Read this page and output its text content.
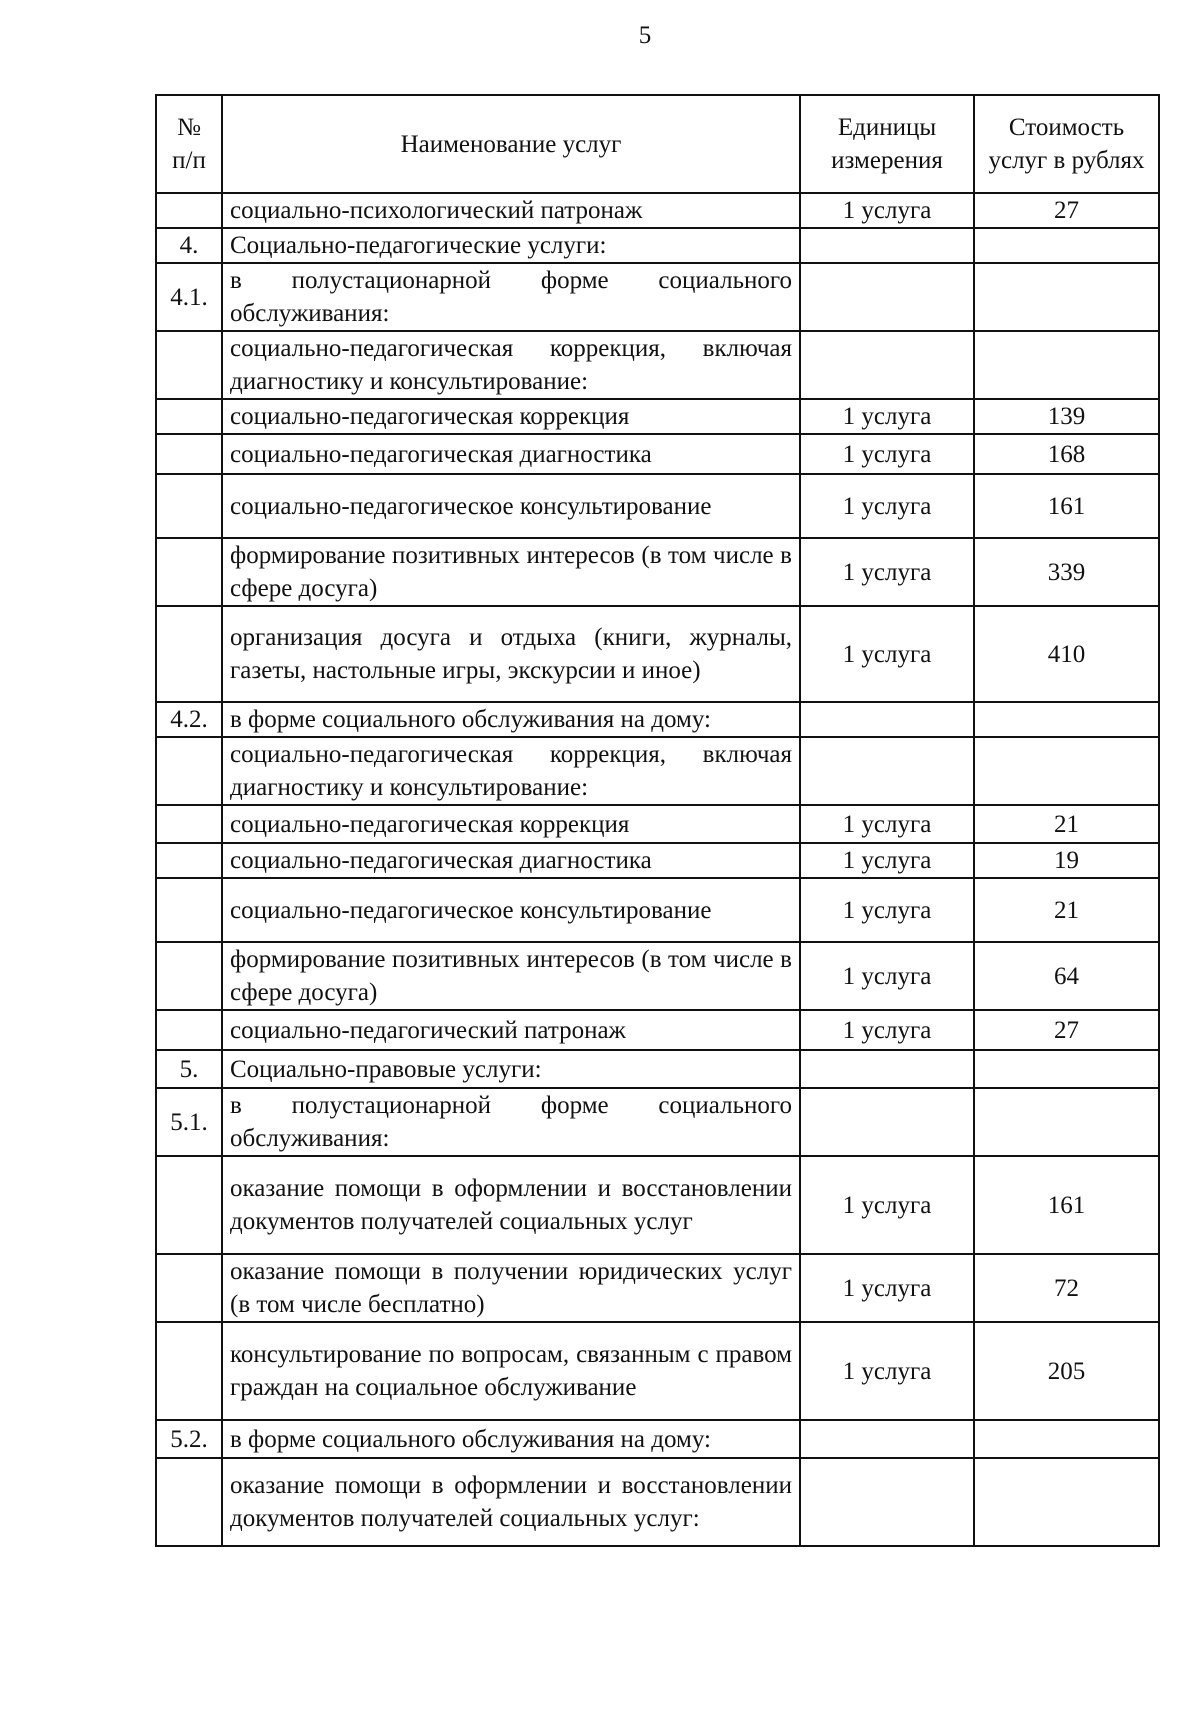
5
№ п/п	Наименование услуг	Единицы измерения	Стоимость услуг в рублях
	социально-психологический патронаж	1 услуга	27
4.	Социально-педагогические услуги:		
4.1.	в полустационарной форме социального обслуживания:		
	социально-педагогическая коррекция, включая диагностику и консультирование:		
	социально-педагогическая коррекция	1 услуга	139
	социально-педагогическая диагностика	1 услуга	168
	социально-педагогическое консультирование	1 услуга	161
	формирование позитивных интересов (в том числе в сфере досуга)	1 услуга	339
	организация досуга и отдыха (книги, журналы, газеты, настольные игры, экскурсии и иное)	1 услуга	410
4.2.	в форме социального обслуживания на дому:		
	социально-педагогическая коррекция, включая диагностику и консультирование:		
	социально-педагогическая коррекция	1 услуга	21
	социально-педагогическая диагностика	1 услуга	19
	социально-педагогическое консультирование	1 услуга	21
	формирование позитивных интересов (в том числе в сфере досуга)	1 услуга	64
	социально-педагогический патронаж	1 услуга	27
5.	Социально-правовые услуги:		
5.1.	в полустационарной форме социального обслуживания:		
	оказание помощи в оформлении и восстановлении документов получателей социальных услуг	1 услуга	161
	оказание помощи в получении юридических услуг (в том числе бесплатно)	1 услуга	72
	консультирование по вопросам, связанным с правом граждан на социальное обслуживание	1 услуга	205
5.2.	в форме социального обслуживания на дому:		
	оказание помощи в оформлении и восстановлении документов получателей социальных услуг:		
